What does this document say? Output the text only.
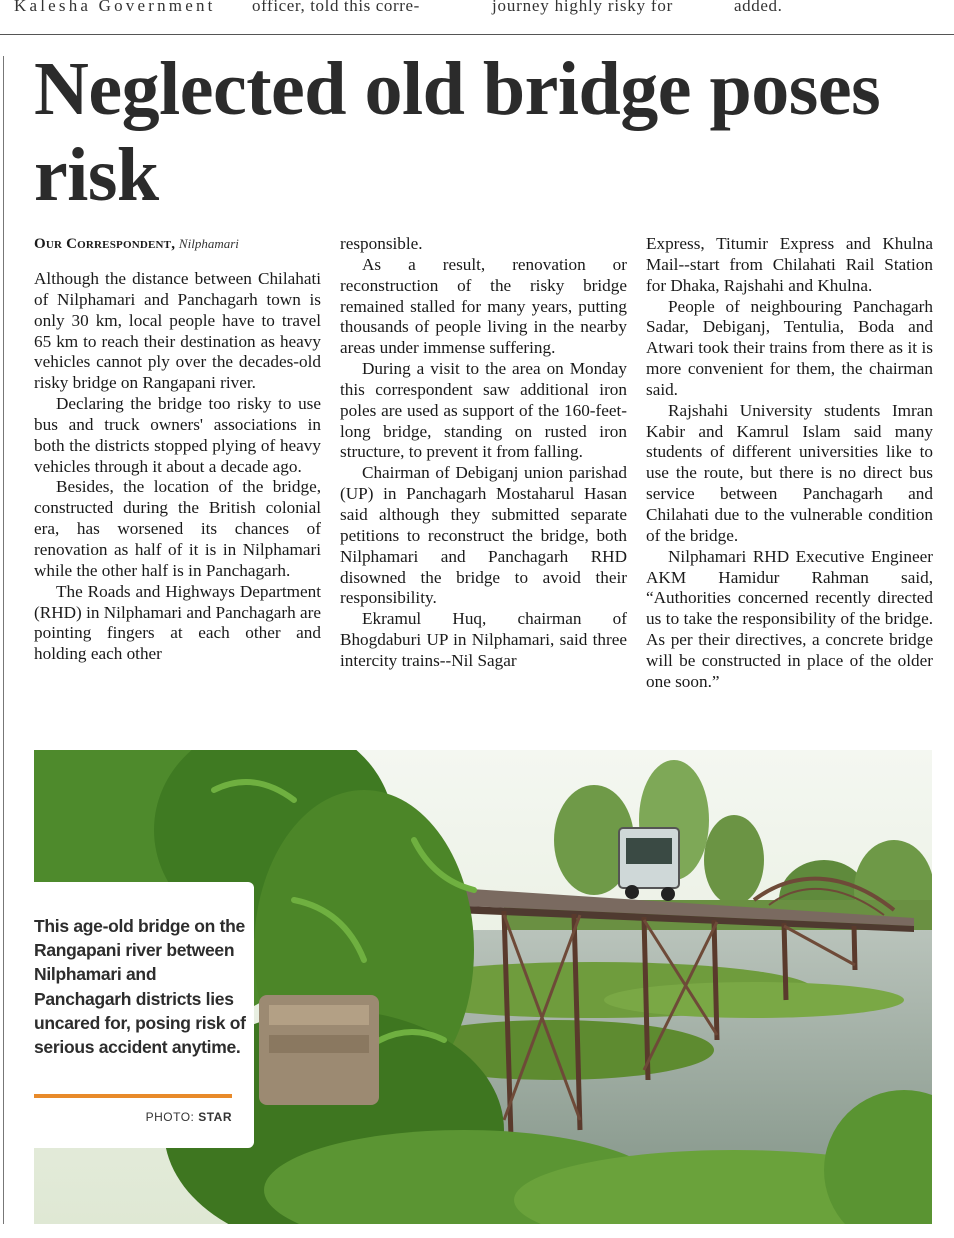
Kalesha Government officer, told this corre-	journey highly risky for	added.
Neglected old bridge poses risk
Our Correspondent, Nilphamari

Although the distance between Chilahati of Nilphamari and Panchagarh town is only 30 km, local people have to travel 65 km to reach their destination as heavy vehicles cannot ply over the decades-old risky bridge on Rangapani river.

Declaring the bridge too risky to use bus and truck owners' associations in both the districts stopped plying of heavy vehicles through it about a decade ago.

Besides, the location of the bridge, constructed during the British colonial era, has worsened its chances of renovation as half of it is in Nilphamari while the other half is in Panchagarh.

The Roads and Highways Department (RHD) in Nilphamari and Panchagarh are pointing fingers at each other and holding each other

responsible.

As a result, renovation or reconstruction of the risky bridge remained stalled for many years, putting thousands of people living in the nearby areas under immense suffering.

During a visit to the area on Monday this correspondent saw additional iron poles are used as support of the 160-feet-long bridge, standing on rusted iron structure, to prevent it from falling.

Chairman of Debiganj union parishad (UP) in Panchagarh Mostaharul Hasan said although they submitted separate petitions to reconstruct the bridge, both Nilphamari and Panchagarh RHD disowned the bridge to avoid their responsibility.

Ekramul Huq, chairman of Bhogdaburi UP in Nilphamari, said three intercity trains--Nil Sagar

Express, Titumir Express and Khulna Mail--start from Chilahati Rail Station for Dhaka, Rajshahi and Khulna.

People of neighbouring Panchagarh Sadar, Debiganj, Tentulia, Boda and Atwari took their trains from there as it is more convenient for them, the chairman said.

Rajshahi University students Imran Kabir and Kamrul Islam said many students of different universities like to use the route, but there is no direct bus service between Panchagarh and Chilahati due to the vulnerable condition of the bridge.

Nilphamari RHD Executive Engineer AKM Hamidur Rahman said, “Authorities concerned recently directed us to take the responsibility of the bridge. As per their directives, a concrete bridge will be constructed in place of the older one soon.”

This age-old bridge on the Rangapani river between Nilphamari and Panchagarh districts lies uncared for, posing risk of serious accident anytime.
PHOTO: STAR
